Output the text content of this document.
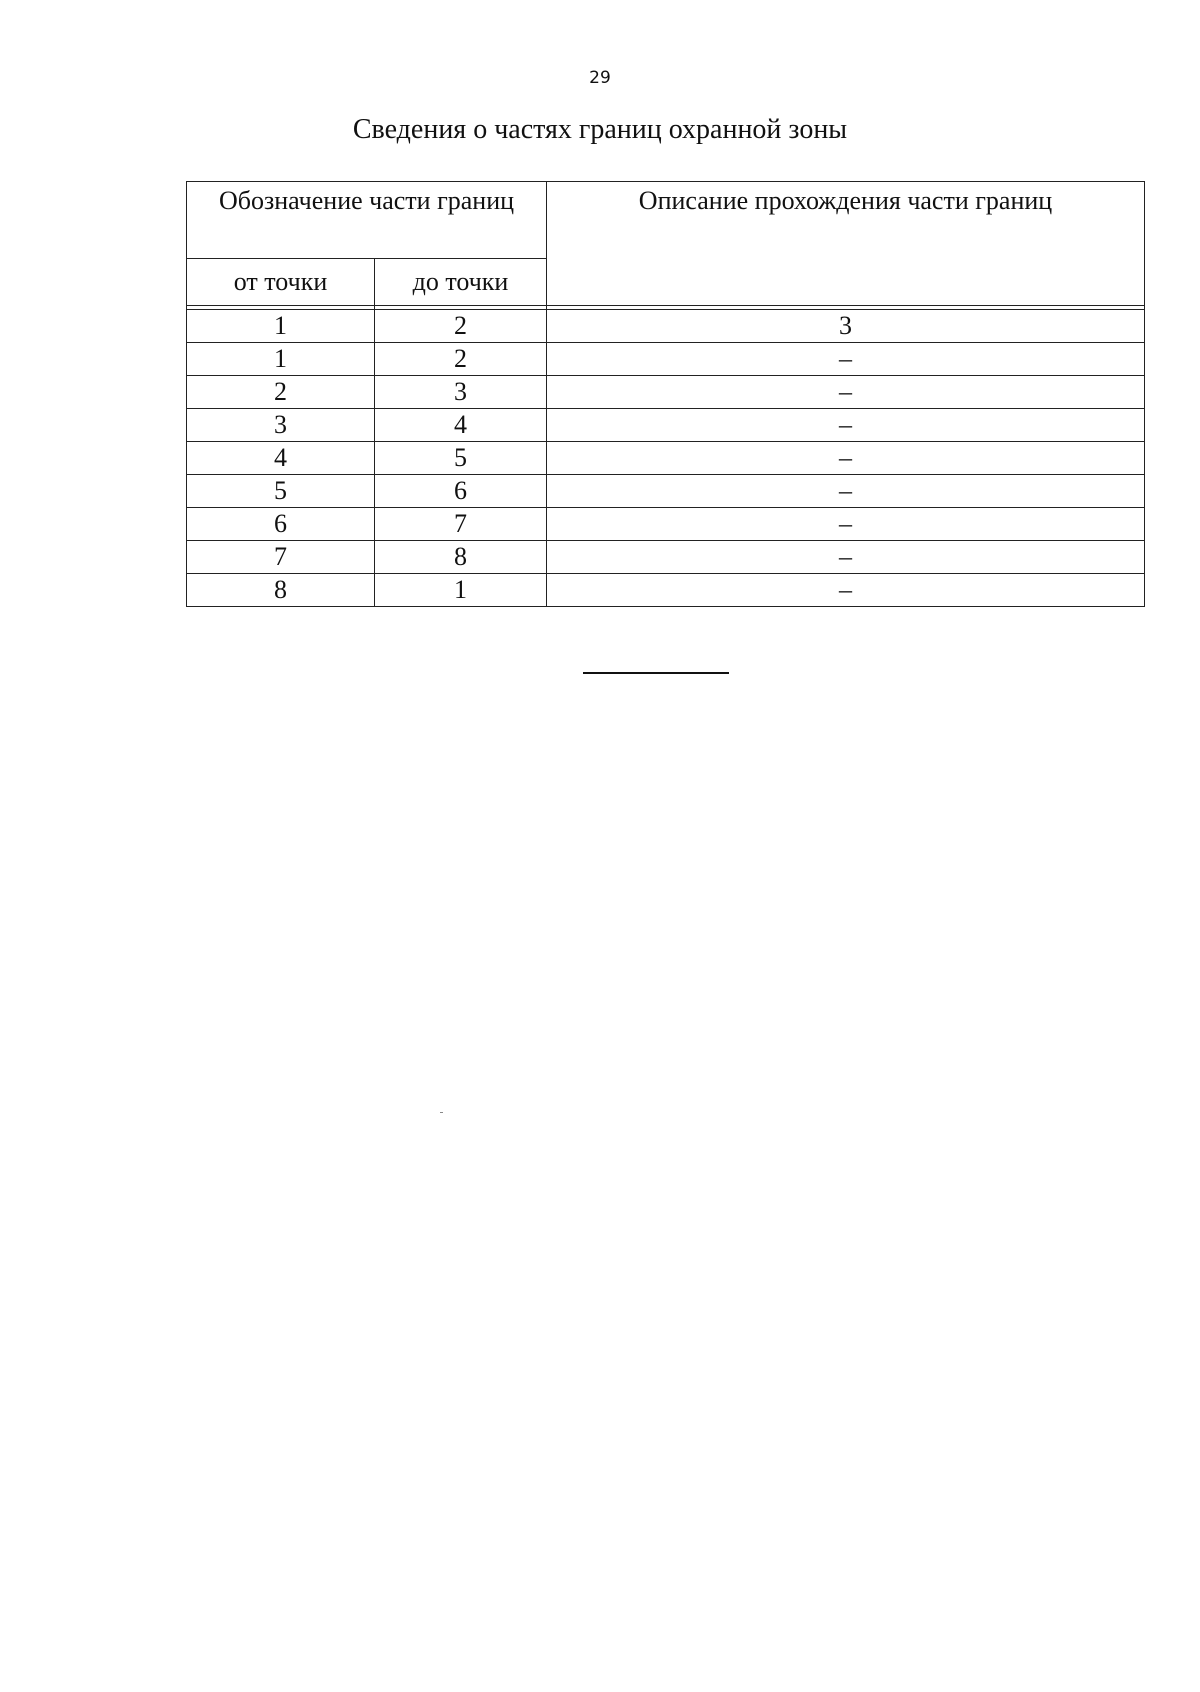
29
Сведения о частях границ охранной зоны
Обозначение части границ		Описание прохождения части границ
от точки	до точки	

1	2	3
1	2	–
2	3	–
3	4	–
4	5	–
5	6	–
6	7	–
7	8	–
8	1	–
